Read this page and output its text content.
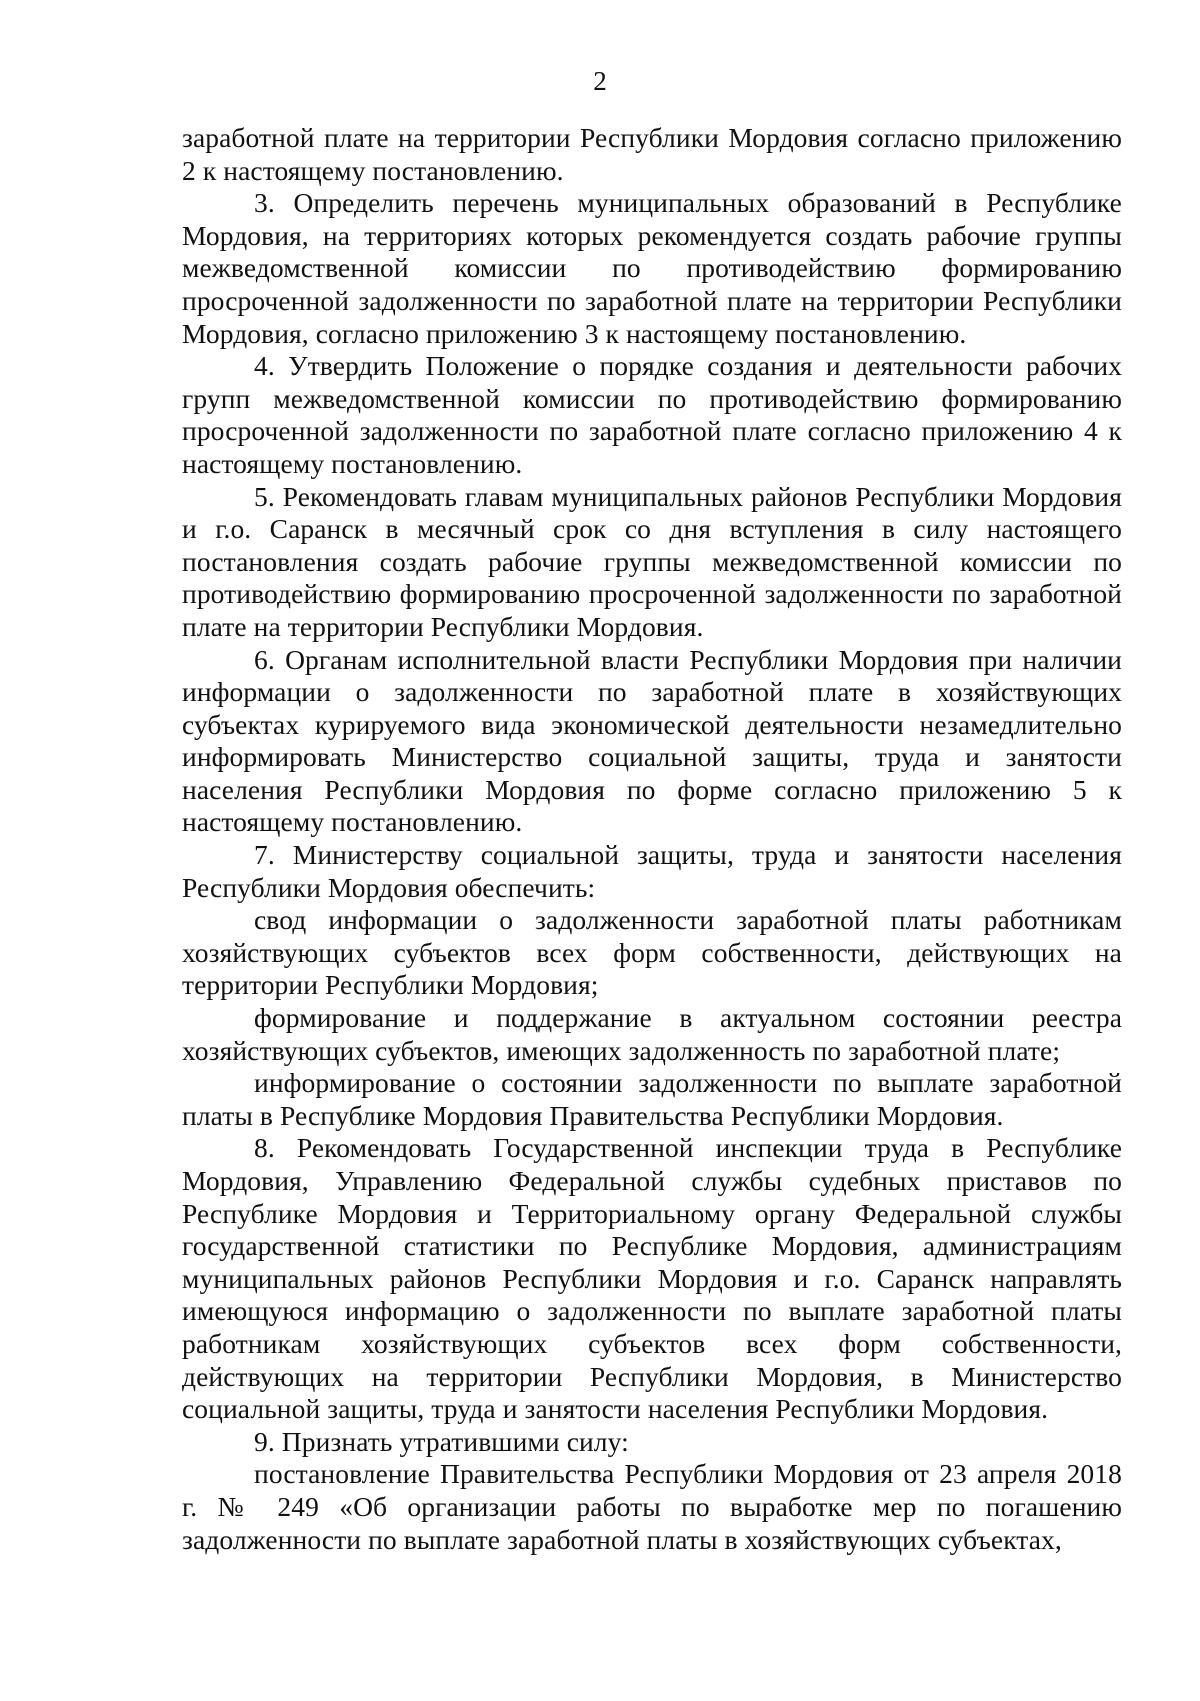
2

заработной плате на территории Республики Мордовия согласно приложению 2 к настоящему постановлению.

3. Определить перечень муниципальных образований в Республике Мордовия, на территориях которых рекомендуется создать рабочие группы межведомственной комиссии по противодействию формированию просроченной задолженности по заработной плате на территории Республики Мордовия, согласно приложению 3 к настоящему постановлению.

4. Утвердить Положение о порядке создания и деятельности рабочих групп межведомственной комиссии по противодействию формированию просроченной задолженности по заработной плате согласно приложению 4 к настоящему постановлению.

5. Рекомендовать главам муниципальных районов Республики Мордовия и г.о. Саранск в месячный срок со дня вступления в силу настоящего постановления создать рабочие группы межведомственной комиссии по противодействию формированию просроченной задолженности по заработной плате на территории Республики Мордовия.

6. Органам исполнительной власти Республики Мордовия при наличии информации о задолженности по заработной плате в хозяйствующих субъектах курируемого вида экономической деятельности незамедлительно информировать Министерство социальной защиты, труда и занятости населения Республики Мордовия по форме согласно приложению 5 к настоящему постановлению.

7. Министерству социальной защиты, труда и занятости населения Республики Мордовия обеспечить:

свод информации о задолженности заработной платы работникам хозяйствующих субъектов всех форм собственности, действующих на территории Республики Мордовия;

формирование и поддержание в актуальном состоянии реестра хозяйствующих субъектов, имеющих задолженность по заработной плате;

информирование о состоянии задолженности по выплате заработной платы в Республике Мордовия Правительства Республики Мордовия.

8. Рекомендовать Государственной инспекции труда в Республике Мордовия, Управлению Федеральной службы судебных приставов по Республике Мордовия и Территориальному органу Федеральной службы государственной статистики по Республике Мордовия, администрациям муниципальных районов Республики Мордовия и г.о. Саранск направлять имеющуюся информацию о задолженности по выплате заработной платы работникам хозяйствующих субъектов всех форм собственности, действующих на территории Республики Мордовия, в Министерство социальной защиты, труда и занятости населения Республики Мордовия.

9. Признать утратившими силу:

постановление Правительства Республики Мордовия от 23 апреля 2018 г. № 249 «Об организации работы по выработке мер по погашению задолженности по выплате заработной платы в хозяйствующих субъектах,
